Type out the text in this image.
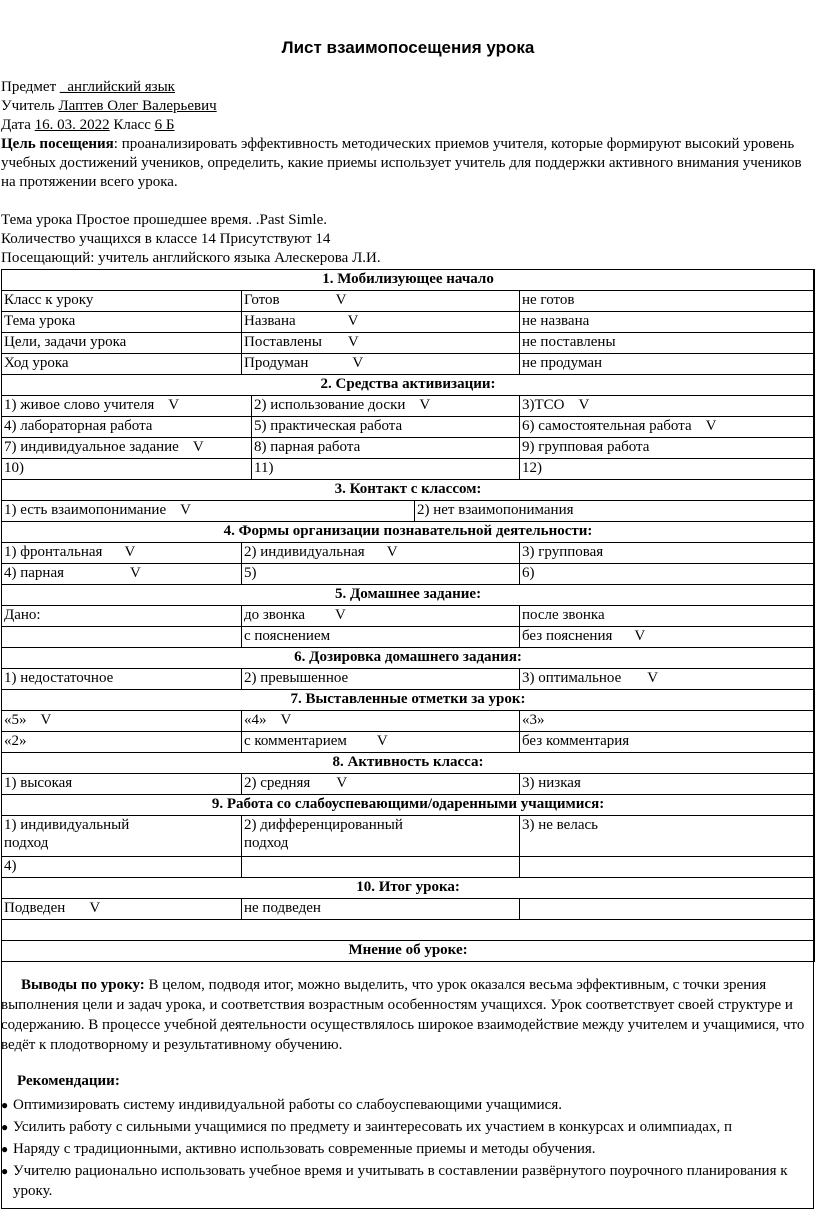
Лист взаимопосещения урока
Предмет _английский язык
Учитель Лаптев Олег Валерьевич
Дата 16. 03. 2022 Класс 6 Б
Цель посещения: проанализировать эффективность методических приемов учителя, которые формируют высокий уровень учебных достижений учеников, определить, какие приемы использует учитель для поддержки активного внимания учеников на протяжении всего урока.
Тема урока Простое прошедшее время. .Past Simle.
Количество учащихся в классе 14 Присутствуют 14
Посещающий: учитель английского языка Алескерова Л.И.
1. Мобилизующее начало				
Класс к уроку	Готов V			не готов
Тема урока	Названа V			не названа
Цели, задачи урока	Поставлены V			не поставлены
Ход урока	Продуман V			не продуман
2. Средства активизации:				
1) живое слово учителя V		2) использование доски V		3)ТСО V
4) лабораторная работа		5) практическая работа		6) самостоятельная работа V
7) индивидуальное задание V		8) парная работа		9) групповая работа
10)		11)		12)
3. Контакт с классом:				
1) есть взаимопонимание V			2) нет взаимопонимания	
4. Формы организации познавательной деятельности:				
1) фронтальная V	2) индивидуальная V			3) групповая
4) парная V	5)			6)
5. Домашнее задание:				
Дано:	до звонка V			после звонка
	с пояснением			без пояснения V
6. Дозировка домашнего задания:				
1) недостаточное	2) превышенное			3) оптимальное V
7. Выставленные отметки за урок:				
«5» V	«4» V			«3»
«2»	с комментарием V			без комментария
8. Активность класса:				
1) высокая	2) средняя V			3) низкая
9. Работа со слабоуспевающими/одаренными учащимися:				

1) индивидуальный подход	2) дифференцированный подход			3) не велась
4)				
10. Итог урока:				
Подведен V	не подведен			

Мнение об уроке:				

Выводы по уроку: В целом, подводя итог, можно выделить, что урок оказался весьма эффективным, с точки зрения выполнения цели и задач урока, и соответствия возрастным особенностям учащихся. Урок соответствует своей структуре и содержанию. В процессе учебной деятельности осуществлялось широкое взаимодействие между учителем и учащимися, что ведёт к плодотворному и результативному обучению.

Рекомендации:
● Оптимизировать систему индивидуальной работы со слабоуспевающими учащимися.
● Усилить работу с сильными учащимися по предмету и заинтересовать их участием в конкурсах и олимпиадах, п
● Наряду с традиционными, активно использовать современные приемы и методы обучения.
● Учителю рационально использовать учебное время и учитывать в составлении развёрнутого поурочного планирования к уроку.
